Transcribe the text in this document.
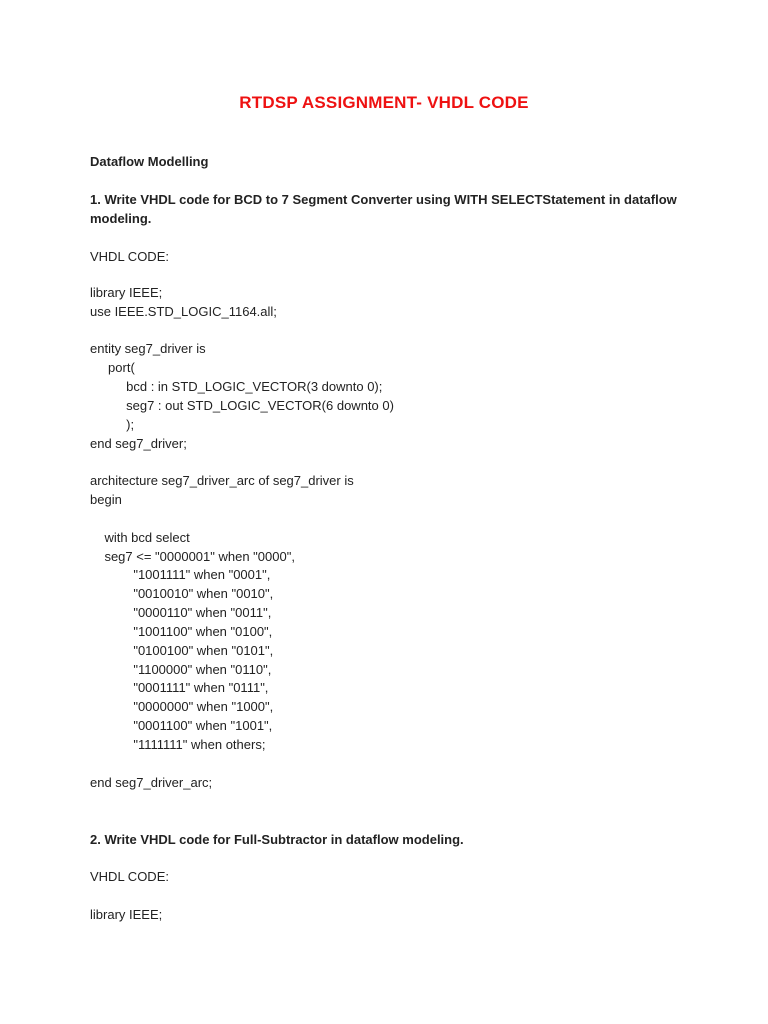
RTDSP ASSIGNMENT- VHDL CODE
Dataflow Modelling
1. Write VHDL code for BCD to 7 Segment Converter using WITH SELECTStatement in dataflow modeling.
VHDL CODE:
library IEEE;
use IEEE.STD_LOGIC_1164.all;
entity seg7_driver is
port(
bcd : in STD_LOGIC_VECTOR(3 downto 0);
seg7 : out STD_LOGIC_VECTOR(6 downto 0)
);
end seg7_driver;
architecture seg7_driver_arc of seg7_driver is
begin
with bcd select
seg7 <= "0000001" when "0000",
"1001111" when "0001",
"0010010" when "0010",
"0000110" when "0011",
"1001100" when "0100",
"0100100" when "0101",
"1100000" when "0110",
"0001111" when "0111",
"0000000" when "1000",
"0001100" when "1001",
"1111111" when others;
end seg7_driver_arc;
2. Write VHDL code for Full-Subtractor in dataflow modeling.
VHDL CODE:
library IEEE;
